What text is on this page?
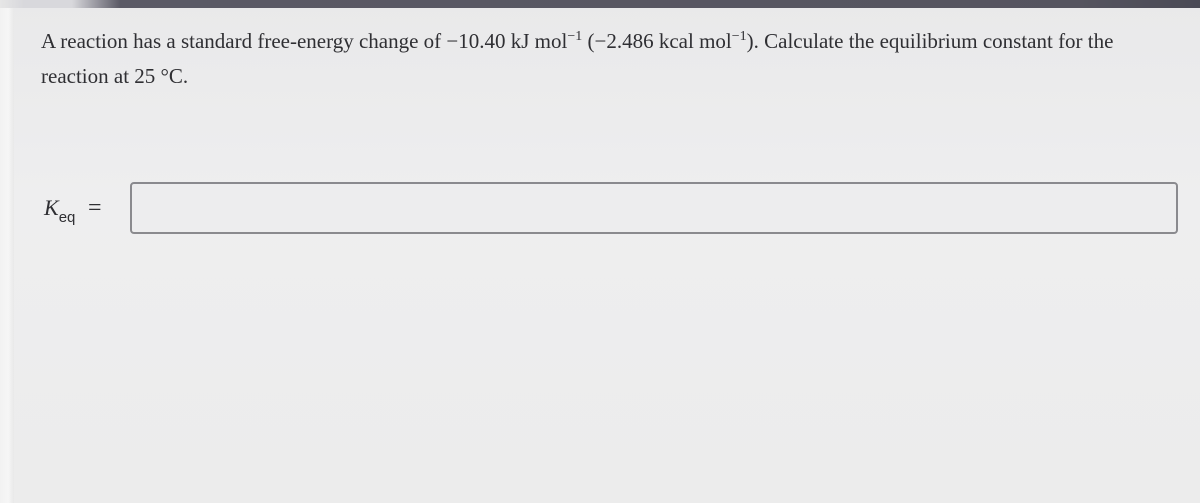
A reaction has a standard free-energy change of −10.40 kJ mol$^{-1}$ (−2.486 kcal mol$^{-1}$). Calculate the equilibrium constant for the reaction at 25 °C.

$K_{eq}$ =
